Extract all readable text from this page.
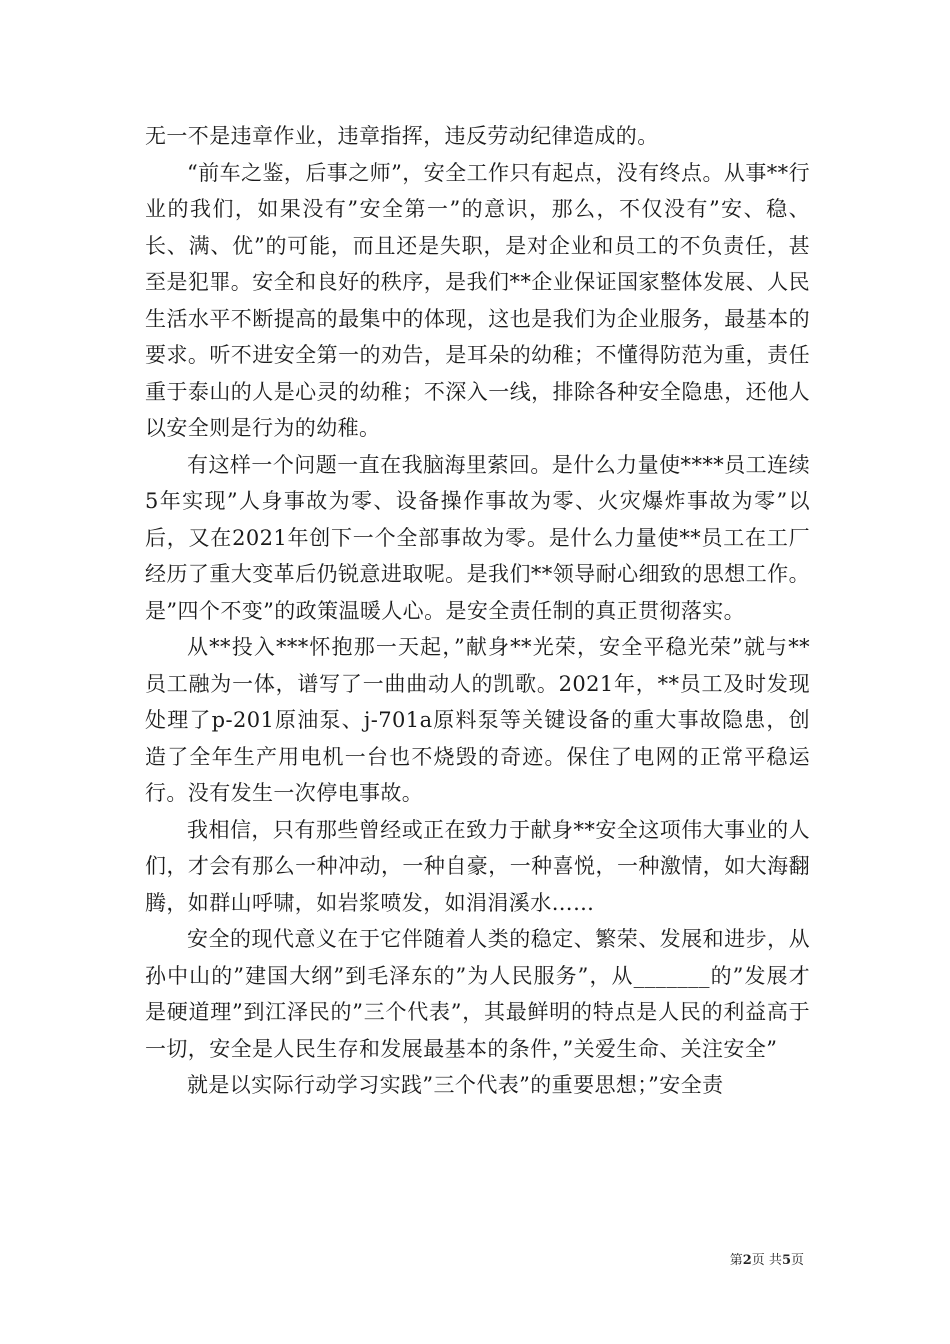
无一不是违章作业，违章指挥，违反劳动纪律造成的。

“前车之鉴，后事之师”，安全工作只有起点，没有终点。从事**行业的我们，如果没有”安全第一”的意识，那么，不仅没有”安、稳、长、满、优”的可能，而且还是失职，是对企业和员工的不负责任，甚至是犯罪。安全和良好的秩序，是我们**企业保证国家整体发展、人民生活水平不断提高的最集中的体现，这也是我们为企业服务，最基本的要求。听不进安全第一的劝告，是耳朵的幼稚；不懂得防范为重，责任重于泰山的人是心灵的幼稚；不深入一线，排除各种安全隐患，还他人以安全则是行为的幼稚。

有这样一个问题一直在我脑海里萦回。是什么力量使****员工连续5年实现”人身事故为零、设备操作事故为零、火灾爆炸事故为零”以后，又在2021年创下一个全部事故为零。是什么力量使**员工在工厂经历了重大变革后仍锐意进取呢。是我们**领导耐心细致的思想工作。是”四个不变”的政策温暖人心。是安全责任制的真正贯彻落实。

从**投入***怀抱那一天起，”献身**光荣，安全平稳光荣”就与**员工融为一体，谱写了一曲曲动人的凯歌。2021年，**员工及时发现处理了p-201原油泵、j-701a原料泵等关键设备的重大事故隐患，创造了全年生产用电机一台也不烧毁的奇迹。保住了电网的正常平稳运行。没有发生一次停电事故。

我相信，只有那些曾经或正在致力于献身**安全这项伟大事业的人们，才会有那么一种冲动，一种自豪，一种喜悦，一种激情，如大海翻腾，如群山呼啸，如岩浆喷发，如涓涓溪水……

安全的现代意义在于它伴随着人类的稳定、繁荣、发展和进步，从孙中山的”建国大纲”到毛泽东的”为人民服务”，从_______的”发展才是硬道理”到江泽民的”三个代表”，其最鲜明的特点是人民的利益高于一切，安全是人民生存和发展最基本的条件，”关爱生命、关注安全”

就是以实际行动学习实践”三个代表”的重要思想；”安全责

第2页 共5页
